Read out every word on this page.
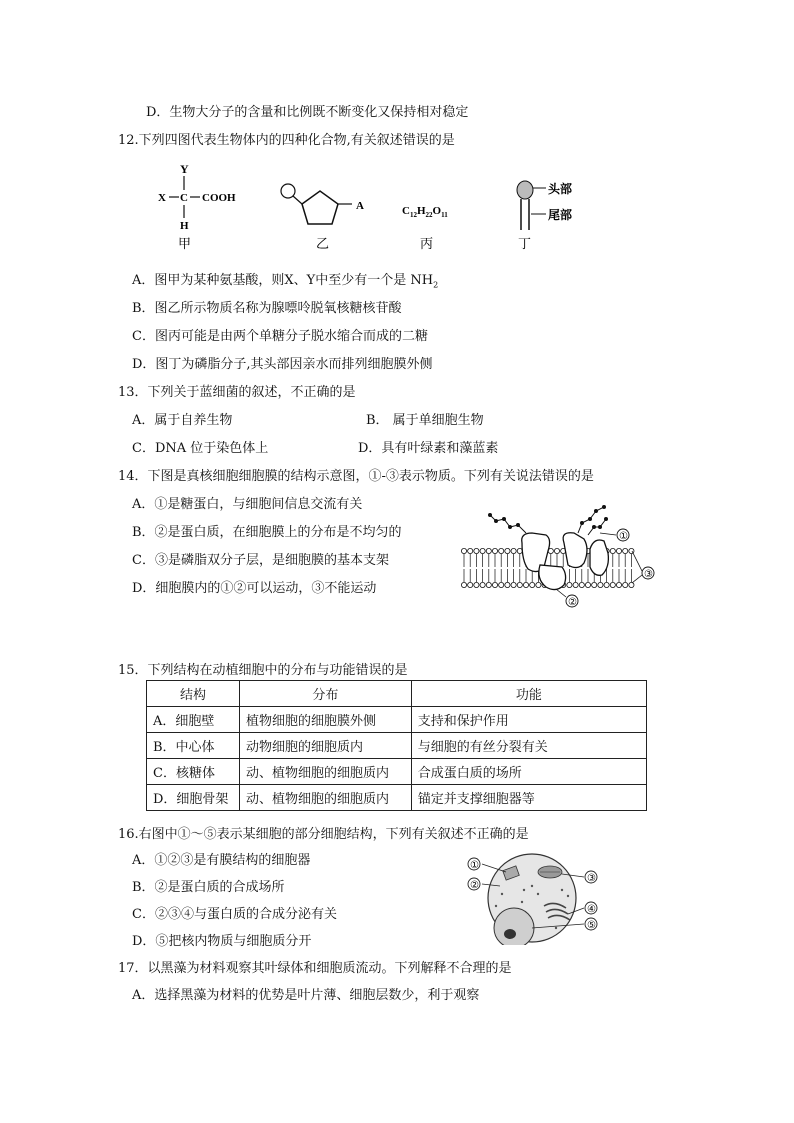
D．生物大分子的含量和比例既不断变化又保持相对稳定
12.下列四图代表生物体内的四种化合物,有关叙述错误的是
Y
X C COOH
H
甲
A
乙
$C_{12}H_{22}O_{11}$
丙
头部
尾部
丁
A．图甲为某种氨基酸，则X、Y中至少有一个是 $NH_2$
B．图乙所示物质名称为腺嘌呤脱氧核糖核苷酸
C．图丙可能是由两个单糖分子脱水缩合而成的二糖
D．图丁为磷脂分子,其头部因亲水而排列细胞膜外侧
13．下列关于蓝细菌的叙述，不正确的是
A．属于自养生物	B． 属于单细胞生物
C．DNA 位于染色体上	D．具有叶绿素和藻蓝素
14．下图是真核细胞细胞膜的结构示意图，①-③表示物质。下列有关说法错误的是
A．①是糖蛋白，与细胞间信息交流有关
B．②是蛋白质，在细胞膜上的分布是不均匀的
C．③是磷脂双分子层，是细胞膜的基本支架
D．细胞膜内的①②可以运动，③不能运动
①
②
③
15．下列结构在动植细胞中的分布与功能错误的是
结构	分布	功能
A．细胞壁	植物细胞的细胞膜外侧	支持和保护作用
B．中心体	动物细胞的细胞质内	与细胞的有丝分裂有关
C．核糖体	动、植物细胞的细胞质内	合成蛋白质的场所
D．细胞骨架	动、植物细胞的细胞质内	锚定并支撑细胞器等
16.右图中①～⑤表示某细胞的部分细胞结构，下列有关叙述不正确的是
A．①②③是有膜结构的细胞器
B．②是蛋白质的合成场所
C．②③④与蛋白质的合成分泌有关
D．⑤把核内物质与细胞质分开
①
②
③
④
⑤
17．以黑藻为材料观察其叶绿体和细胞质流动。下列解释不合理的是
A．选择黑藻为材料的优势是叶片薄、细胞层数少，利于观察
